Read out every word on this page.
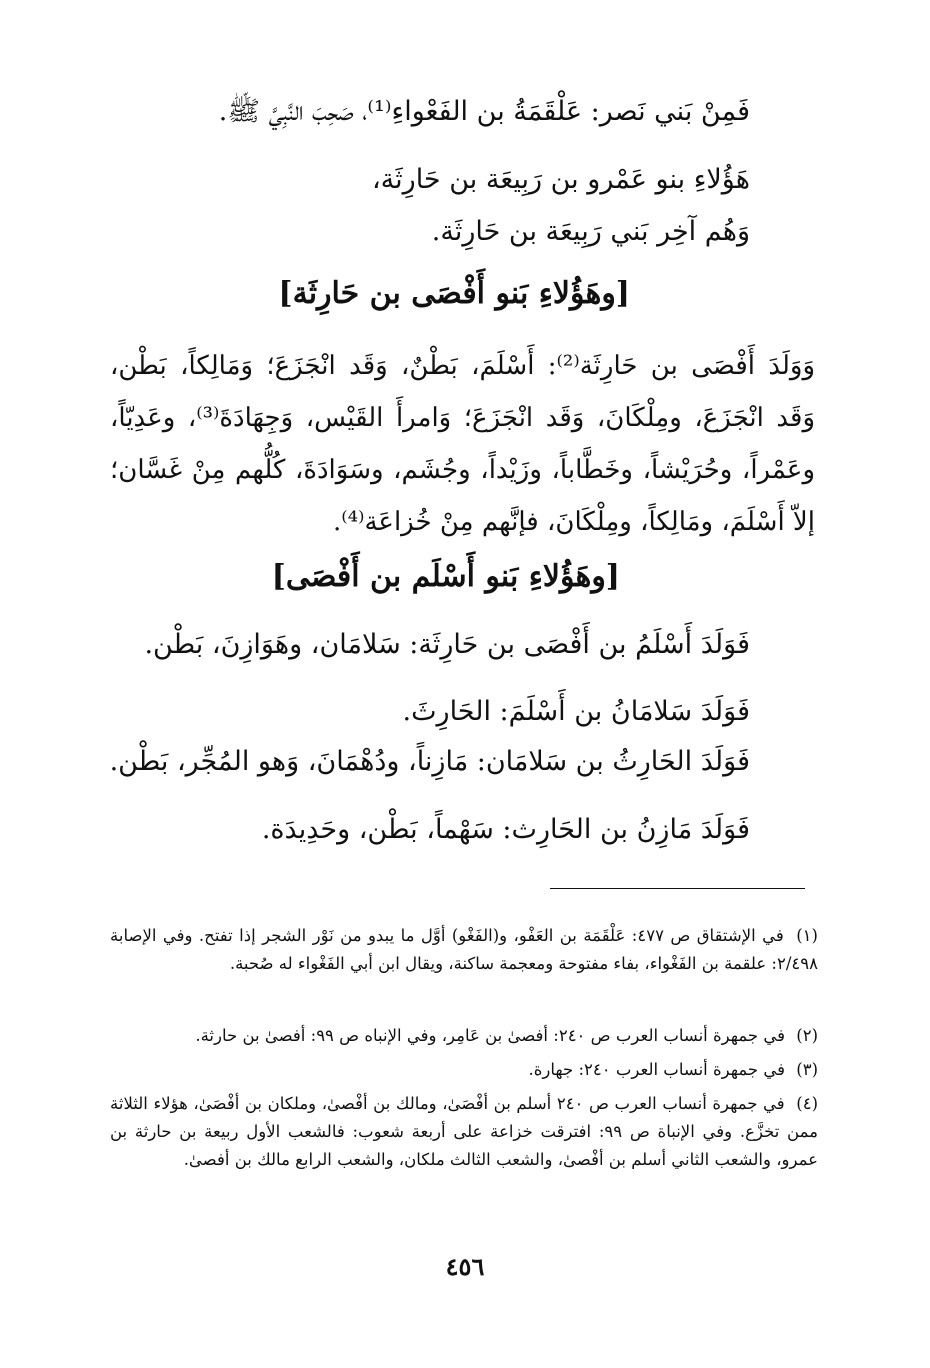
فَمِنْ بَني نَصر: عَلْقَمَةُ بن الفَعْواءِ⁽¹⁾، صَحِبَ النَّبِيَّ ﷺ.

هَؤُلاءِ بنو عَمْرو بن رَبِيعَة بن حَارِثَة،

وَهُم آخِر بَني رَبِيعَة بن حَارِثَة.

[وهَؤُلاءِ بَنو أَفْصَى بن حَارِثَة]

وَوَلَدَ أَفْصَى بن حَارِثَة⁽²⁾: أَسْلَمَ، بَطْنٌ، وَقَد انْجَزَعَ؛ وَمَالِكاً، بَطْن، وَقَد انْجَزَعَ، ومِلْكَانَ، وَقَد انْجَزَعَ؛ وَامرأَ القَيْس، وَجِهَادَةَ⁽³⁾، وعَدِيّاً، وعَمْراً، وحُرَيْشاً، وخَطَّاباً، وزَيْداً، وجُشَم، وسَوَادَةَ، كُلُّهم مِنْ غَسَّان؛ إلاّ أَسْلَمَ، ومَالِكاً، ومِلْكَانَ، فإنَّهم مِنْ خُزاعَة⁽⁴⁾.

[وهَؤُلاءِ بَنو أَسْلَم بن أَفْصَى]

فَوَلَدَ أَسْلَمُ بن أَفْصَى بن حَارِثَة: سَلامَان، وهَوَازِنَ، بَطْن.

فَوَلَدَ سَلامَانُ بن أَسْلَمَ: الحَارِثَ.

فَوَلَدَ الحَارِثُ بن سَلامَان: مَازِناً، ودُهْمَانَ، وَهو المُجِّر، بَطْن.

فَوَلَدَ مَازِنُ بن الحَارِث: سَهْماً، بَطْن، وحَدِيدَة.

(١) في الإشتقاق ص ٤٧٧: عَلْقَمَة بن العَفْو، و(الفَغْو) أوَّل ما يبدو من نَوْر الشجر إذا تفتح. وفي الإصابة ٢/٤٩٨: علقمة بن الفَغْواء، بفاء مفتوحة ومعجمة ساكنة، ويقال ابن أبي الفَغْواء له صُحبة.

(٢) في جمهرة أنساب العرب ص ٢٤٠: أفصىٰ بن عَامِر، وفي الإنباه ص ٩٩: أفصىٰ بن حارثة.

(٣) في جمهرة أنساب العرب ٢٤٠: جهارة.

(٤) في جمهرة أنساب العرب ص ٢٤٠ أسلم بن أفْصَىٰ، ومالك بن أفْصىٰ، وملكان بن أفْصَىٰ، هؤلاء الثلاثة ممن تخزَّع. وفي الإنباة ص ٩٩: افترقت خزاعة على أربعة شعوب: فالشعب الأول ربيعة بن حارثة بن عمرو، والشعب الثاني أسلم بن أفْصىٰ، والشعب الثالث ملكان، والشعب الرابع مالك بن أفصىٰ.

٤٥٦
